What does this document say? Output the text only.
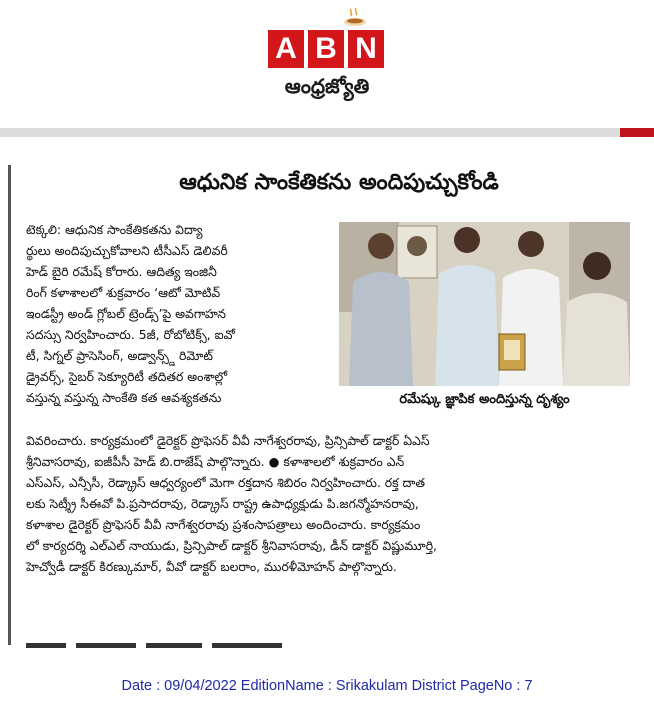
A B N
ఆంధ్రజ్యోతి
ఆధునిక సాంకేతికను అందిపుచ్చుకోండి
టెక్కలి: ఆధునిక సాంకేతికతను విద్యా
ర్థులు అందిపుచ్చుకోవాలని టీసీఎస్ డెలివరీ
హెడ్ బైరి రమేష్ కోరారు. ఆదిత్య ఇంజినీ
రింగ్ కళాశాలలో శుక్రవారం ‘ఆటో మోటివ్
ఇండస్ట్రీ అండ్ గ్లోబల్ ట్రెండ్స్’పై అవగాహన
సదస్సు నిర్వహించారు. 5జీ, రోబోటిక్స్, ఐవో
టీ, సిగ్నల్ ప్రాసెసింగ్, అడ్వాన్స్డ్ రిమోట్
డ్రైవర్స్, సైబర్ సెక్యూరిటీ తదితర అంశాల్లో
వస్తున్న వస్తున్న సాంకేతి కత ఆవశ్యకతను	రమేష్కు జ్ఞాపిక అందిస్తున్న దృశ్యం
వివరించారు. కార్యక్రమంలో డైరెక్టర్ ప్రొఫెసర్ వీవీ నాగేశ్వరరావు, ప్రిన్సిపాల్ డాక్టర్ ఏఎస్
శ్రీనివాసరావు, ఐజీపీసీ హెడ్ బి.రాజేష్ పాల్గొన్నారు. ● కళాశాలలో శుక్రవారం ఎన్
ఎస్ఎస్, ఎన్సీసీ, రెడ్క్రాస్ ఆధ్వర్యంలో మెగా రక్తదాన శిబిరం నిర్వహించారు. రక్త దాత
లకు సెట్శ్రీ సీఈవో పి.ప్రసాదరావు, రెడ్క్రాస్ రాష్ట్ర ఉపాధ్యక్షుడు పి.జగన్మోహనరావు,
కళాశాల డైరెక్టర్ ప్రొఫెసర్ వీవీ నాగేశ్వరరావు ప్రశంసాపత్రాలు అందించారు. కార్యక్రమం
లో కార్యదర్శి ఎల్ఎల్ నాయుడు, ప్రిన్సిపాల్ డాక్టర్ శ్రీనివాసరావు, డీన్ డాక్టర్ విష్ణుమూర్తి,
హెచ్వోడీ డాక్టర్ కిరణ్కుమార్, వీవో డాక్టర్ బలరాం, మురళీమోహన్ పాల్గొన్నారు.
Date : 09/04/2022 EditionName : Srikakulam District PageNo : 7
